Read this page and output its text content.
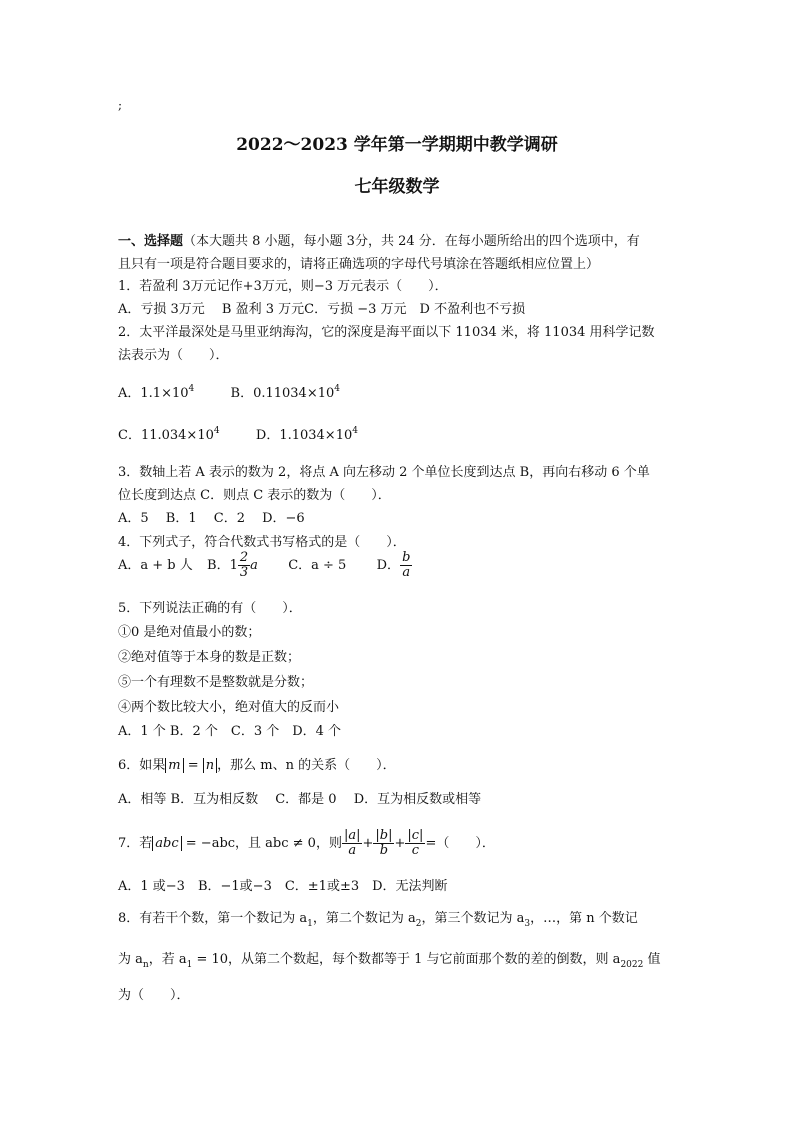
;
2022～2023 学年第一学期期中教学调研
七年级数学
一、选择题（本大题共 8 小题，每小题 3分，共 24 分．在每小题所给出的四个选项中，有
且只有一项是符合题目要求的，请将正确选项的字母代号填涂在答题纸相应位置上）
1．若盈利 3万元记作+3万元，则−3 万元表示（　　）．
A．亏损 3万元　 B 盈利 3 万元C．亏损 −3 万元　D 不盈利也不亏损
2．太平洋最深处是马里亚纳海沟，它的深度是海平面以下 11034 米，将 11034 用科学记数
法表示为（　　）．
A．$1.1\times 10^4$	B．$0.11034\times 10^4$
C．$11.034\times 10^4$	D．$1.1034\times 10^4$
3．数轴上若 A 表示的数为 2，将点 A 向左移动 2 个单位长度到达点 B，再向右移动 6 个单
位长度到达点 C．则点 C 表示的数为（　　）．
A．5　 B．1　 C．2　 D．−6
4．下列式子，符合代数式书写格式的是（　　）．
A．a + b 人 B．$1 \frac{2}{3}$ a C．a ÷ 5 D． $\frac{b}{a}$
5．下列说法正确的有（　　）．
①0 是绝对值最小的数；
②绝对值等于本身的数是正数；
⑤一个有理数不是整数就是分数；
④两个数比较大小，绝对值大的反而小
A．1 个 B．2 个　C．3 个　D．4 个
6．如果 m = n ，那么 m、n 的关系（　　）．
A．相等 B．互为相反数　 C．都是 0　 D．互为相反数或相等
7．若 abc = −abc，且 abc ≠ 0，则 $\frac{|a|}{a} + \frac{|b|}{b} + \frac{|c|}{c}$ =（　　）．
A．1 或−3　B．−1或−3　C．±1或±3　D．无法判断
8．有若干个数，第一个数记为 $a_1$，第二个数记为 $a_2$，第三个数记为 $a_3$，…，第 n 个数记
为 $a_n$，若 $a_1 = 10$，从第二个数起，每个数都等于 1 与它前面那个数的差的倒数，则 $a_{2022}$ 值
为（　　）．
